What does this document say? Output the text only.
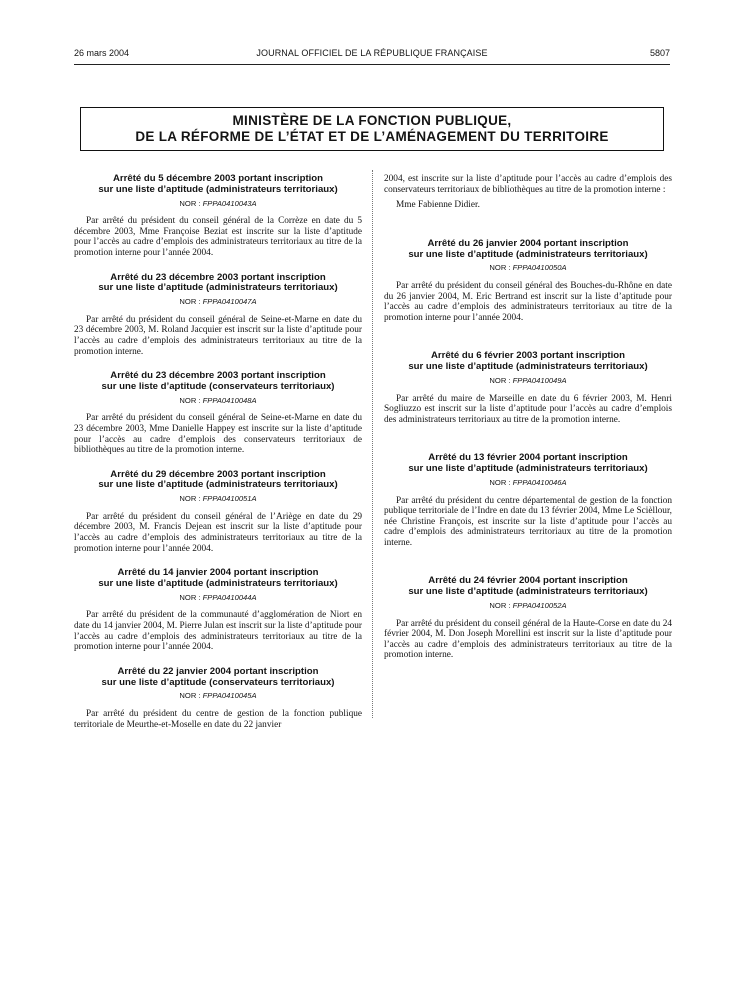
26 mars 2004	JOURNAL OFFICIEL DE LA RÉPUBLIQUE FRANÇAISE	5807
MINISTÈRE DE LA FONCTION PUBLIQUE,
DE LA RÉFORME DE L’ÉTAT ET DE L’AMÉNAGEMENT DU TERRITOIRE

Arrêté du 5 décembre 2003 portant inscription
sur une liste d’aptitude (administrateurs territoriaux)

NOR : FPPA0410043A

Par arrêté du président du conseil général de la Corrèze en date du 5 décembre 2003, Mme Françoise Beziat est inscrite sur la liste d’aptitude pour l’accès au cadre d’emplois des administrateurs territoriaux au titre de la promotion interne pour l’année 2004.

Arrêté du 23 décembre 2003 portant inscription
sur une liste d’aptitude (administrateurs territoriaux)

NOR : FPPA0410047A

Par arrêté du président du conseil général de Seine-et-Marne en date du 23 décembre 2003, M. Roland Jacquier est inscrit sur la liste d’aptitude pour l’accès au cadre d’emplois des administrateurs territoriaux au titre de la promotion interne.

Arrêté du 23 décembre 2003 portant inscription
sur une liste d’aptitude (conservateurs territoriaux)

NOR : FPPA0410048A

Par arrêté du président du conseil général de Seine-et-Marne en date du 23 décembre 2003, Mme Danielle Happey est inscrite sur la liste d’aptitude pour l’accès au cadre d’emplois des conservateurs territoriaux de bibliothèques au titre de la promotion interne.

Arrêté du 29 décembre 2003 portant inscription
sur une liste d’aptitude (administrateurs territoriaux)

NOR : FPPA0410051A

Par arrêté du président du conseil général de l’Ariège en date du 29 décembre 2003, M. Francis Dejean est inscrit sur la liste d’aptitude pour l’accès au cadre d’emplois des administrateurs territoriaux au titre de la promotion interne pour l’année 2004.

Arrêté du 14 janvier 2004 portant inscription
sur une liste d’aptitude (administrateurs territoriaux)

NOR : FPPA0410044A

Par arrêté du président de la communauté d’agglomération de Niort en date du 14 janvier 2004, M. Pierre Julan est inscrit sur la liste d’aptitude pour l’accès au cadre d’emplois des administrateurs territoriaux au titre de la promotion interne pour l’année 2004.

Arrêté du 22 janvier 2004 portant inscription
sur une liste d’aptitude (conservateurs territoriaux)

NOR : FPPA0410045A

Par arrêté du président du centre de gestion de la fonction publique territoriale de Meurthe-et-Moselle en date du 22 janvier

2004, est inscrite sur la liste d’aptitude pour l’accès au cadre d’emplois des conservateurs territoriaux de bibliothèques au titre de la promotion interne :

Mme Fabienne Didier.

Arrêté du 26 janvier 2004 portant inscription
sur une liste d’aptitude (administrateurs territoriaux)

NOR : FPPA0410050A

Par arrêté du président du conseil général des Bouches-du-Rhône en date du 26 janvier 2004, M. Eric Bertrand est inscrit sur la liste d’aptitude pour l’accès au cadre d’emplois des administrateurs territoriaux au titre de la promotion interne pour l’année 2004.

Arrêté du 6 février 2003 portant inscription
sur une liste d’aptitude (administrateurs territoriaux)

NOR : FPPA0410049A

Par arrêté du maire de Marseille en date du 6 février 2003, M. Henri Sogliuzzo est inscrit sur la liste d’aptitude pour l’accès au cadre d’emplois des administrateurs territoriaux au titre de la promotion interne.

Arrêté du 13 février 2004 portant inscription
sur une liste d’aptitude (administrateurs territoriaux)

NOR : FPPA0410046A

Par arrêté du président du centre départemental de gestion de la fonction publique territoriale de l’Indre en date du 13 février 2004, Mme Le Scièllour, née Christine François, est inscrite sur la liste d’aptitude pour l’accès au cadre d’emplois des administrateurs territoriaux au titre de la promotion interne.

Arrêté du 24 février 2004 portant inscription
sur une liste d’aptitude (administrateurs territoriaux)

NOR : FPPA0410052A

Par arrêté du président du conseil général de la Haute-Corse en date du 24 février 2004, M. Don Joseph Morellini est inscrit sur la liste d’aptitude pour l’accès au cadre d’emplois des administrateurs territoriaux au titre de la promotion interne.
